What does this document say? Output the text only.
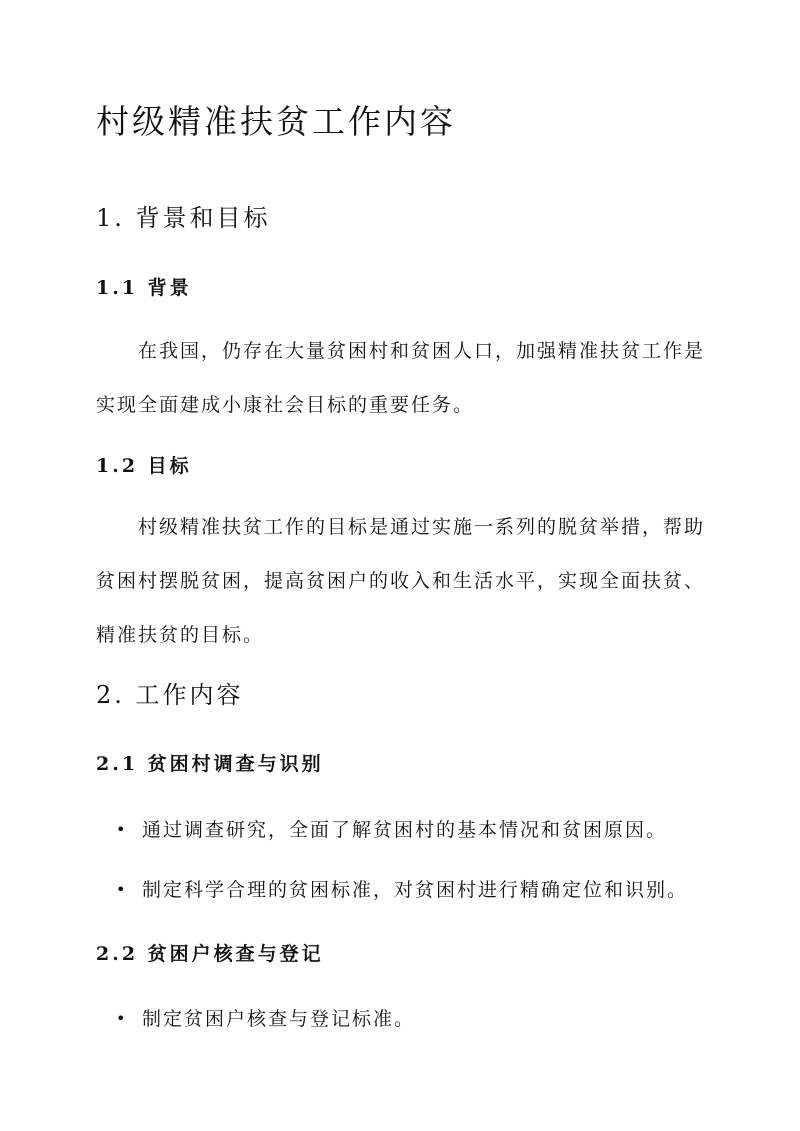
村级精准扶贫工作内容
1. 背景和目标
1.1 背景
在我国，仍存在大量贫困村和贫困人口，加强精准扶贫工作是实现全面建成小康社会目标的重要任务。
1.2 目标
村级精准扶贫工作的目标是通过实施一系列的脱贫举措，帮助贫困村摆脱贫困，提高贫困户的收入和生活水平，实现全面扶贫、精准扶贫的目标。
2. 工作内容
2.1 贫困村调查与识别
• 通过调查研究，全面了解贫困村的基本情况和贫困原因。
• 制定科学合理的贫困标准，对贫困村进行精确定位和识别。
2.2 贫困户核查与登记
• 制定贫困户核查与登记标准。
